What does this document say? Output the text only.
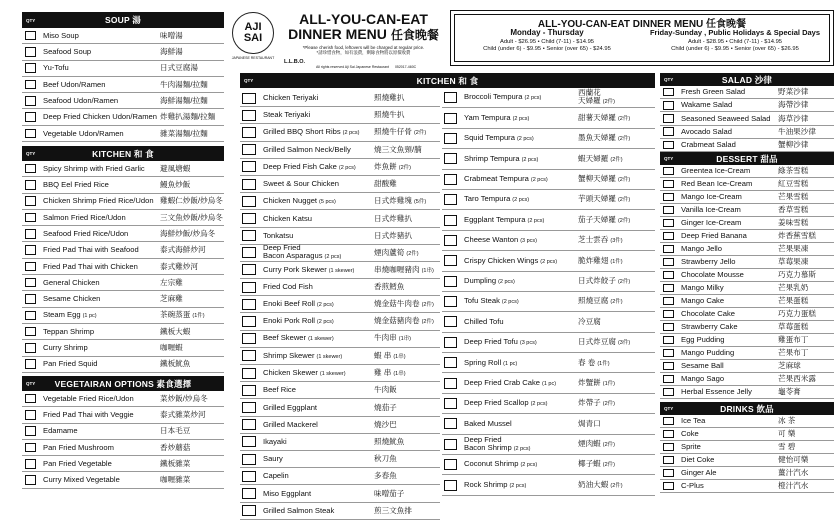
QTY	SOUP 湯
Miso Soup	味噌湯
Seafood Soup	海鮮湯
Yu-Tofu	日式豆腐湯
Beef Udon/Ramen	牛肉湯麵/拉麵
Seafood Udon/Ramen	海鮮湯麵/拉麵
Deep Fried Chicken Udon/Ramen 炸雞扒湯麵/拉麵
Vegetable Udon/Ramen	雜菜湯麵/拉麵
QTY	KITCHEN 和 食
Spicy Shrimp with Fried Garlic 避風塘蝦
BBQ Eel Fried Rice	鰻魚炒飯
Chicken Shrimp Fried Rice/Udon 雞蝦仁炒飯/炒烏冬
Salmon Fried Rice/Udon	三文魚炒飯/炒烏冬
Seafood Fried Rice/Udon	海鮮炒飯/炒烏冬
Fried Pad Thai with Seafood	泰式海鮮炒河
Fried Pad Thai with Chicken	泰式雞炒河
General Chicken	左宗雞
Sesame Chicken	芝麻雞
Steam Egg (1 pc)	茶碗蒸蛋 (1件)
Teppan Shrimp	鐵板大蝦
Curry Shrimp	咖喱蝦
Pan Fried Squid	鐵板魷魚
QTY	VEGETAIRAN OPTIONS 素食選擇
Vegetable Fried Rice/Udon	菜炒飯/炒烏冬
Fried Pad Thai with Veggie	泰式雜菜炒河
Edamame	日本毛豆
Pan Fried Mushroom	香炒蘑菇
Pan Fried Vegetable	鐵板雜菜
Curry Mixed Vegetable	咖喱雜菜
Chicken Teriyaki	照燒雞扒
Steak Teriyaki	照燒牛扒
Grilled BBQ Short Ribs (2 pcs) 照燒牛仔骨 (2件)
Grilled Salmon Neck/Belly	燒三文魚頸/腩
Deep Fried Fish Cake (2 pcs) 炸魚餅 (2件)
Sweet & Sour Chicken	甜酸雞
Chicken Nugget (5 pcs)	日式炸雞塊 (5件)
Chicken Katsu	日式炸雞扒
Tonkatsu	日式炸豬扒
Deep Fried
Bacon Asparagus (2 pcs)
煙肉蘆筍 (2件)
Curry Pork Skewer (1 skewer)	串燒咖喱豬肉 (1串)
Fried Cod Fish	香煎鱈魚
Enoki Beef Roll (2 pcs)	燒金菇牛肉卷 (2件)
Enoki Pork Roll (2 pcs)	燒金菇豬肉卷 (2件)
Beef Skewer (1 skewer)	牛肉串 (1串)
Shrimp Skewer (1 skewer)	蝦 串 (1串)
Chicken Skewer (1 skewer)	雞 串 (1串)
Beef Rice	牛肉飯
Grilled Eggplant	燒茄子
Grilled Mackerel	燒沙巴
Ikayaki	照燒魷魚
Saury	秋刀魚
Capelin	多春魚
Miso Eggplant	味噌茄子
Grilled Salmon Steak	煎三文魚排
Broccoli Tempura (2 pcs)
西蘭花
天婦羅 (2件)
Yam Tempura (2 pcs)	甜薯天婦羅 (2件)
Squid Tempura (2 pcs)	墨魚天婦羅 (2件)
Shrimp Tempura (2 pcs)	蝦天婦羅 (2件)
Crabmeat Tempura (2 pcs)	蟹柳天婦羅 (2件)
Taro Tempura (2 pcs)	芋頭天婦羅 (2件)
Eggplant Tempura (2 pcs)	茄子天婦羅 (2件)
Cheese Wanton (3 pcs)	芝士雲吞 (3件)
Crispy Chicken Wings (2 pcs)	脆炸雞翅 (1件)
Dumpling (2 pcs)	日式炸餃子 (2件)
Tofu Steak (2 pcs)	照燒豆腐 (2件)
Chilled Tofu	冷豆腐
Deep Fried Tofu (3 pcs)	日式炸豆腐 (3件)
Spring Roll (1 pc)	春 卷 (1件)
Deep Fried Crab Cake (1 pc)	炸蟹餅 (1件)
Deep Fried Scallop (2 pcs)	炸帶子 (2件)
Baked Mussel	焗青口
Deep Fried
Bacon Shrimp (2 pcs)
煙肉蝦 (2件)
Coconut Shrimp (2 pcs)	椰子蝦 (2件)
Rock Shrimp (2 pcs)	奶油大蝦 (2件)
QTY	SALAD 沙律
Fresh Green Salad	野菜沙律
Wakame Salad	海帶沙律
Seasoned Seaweed Salad 海草沙律
Avocado Salad	牛油果沙律
Crabmeat Salad	蟹柳沙律
QTY	DESSERT 甜品
Greentea Ice-Cream	綠茶雪糕
Red Bean Ice-Cream	紅豆雪糕
Mango Ice-Cream	芒果雪糕
Vanilla Ice-Cream	香草雪糕
Ginger Ice-Cream	姜味雪糕
Deep Fried Banana	炸香蕉雪糕
Mango Jello	芒果果凍
Strawberry Jello	草莓果凍
Chocolate Mousse	巧克力慕斯
Mango Milky	芒果乳奶
Mango Cake	芒果蛋糕
Chocolate Cake	巧克力蛋糕
Strawberry Cake	草莓蛋糕
Egg Pudding	雞蛋布丁
Mango Pudding	芒果布丁
Sesame Ball	芝麻球
Mango Sago	芒果西米露
Herbal Essence Jelly	龜苓膏
QTY	DRINKS 飲品
Ice Tea	冰 茶
Coke	可 樂
Sprite	雪 碧
Diet Coke	健怡可樂
Ginger Ale	薑汁汽水
C-Plus	橙汁汽水
AJI
SAI
JAPANESE RESTAURANT
L.L.B.O.
ALL-YOU-CAN-EAT
DINNER MENU 任食晚餐
*Please cherish food, leftovers will be charged at regular price.
*請珍惜食物，如有浪費，剩餘食物將以原價收費
All rights reserved Aji Sai Japanese Restaurant 052017-460C
ALL-YOU-CAN-EAT DINNER MENU 任食晚餐
Monday - Thursday
Adult - $26.95 • Child (7-11) - $14.95
Child (under 6) - $9.95 • Senior (over 65) - $24.95
Friday-Sunday , Public Holidays & Special Days
Adult - $28.95 • Child (7-11) - $14.95
Child (under 6) - $9.95 • Senior (over 65) - $26.95
QTY	KITCHEN 和 食
